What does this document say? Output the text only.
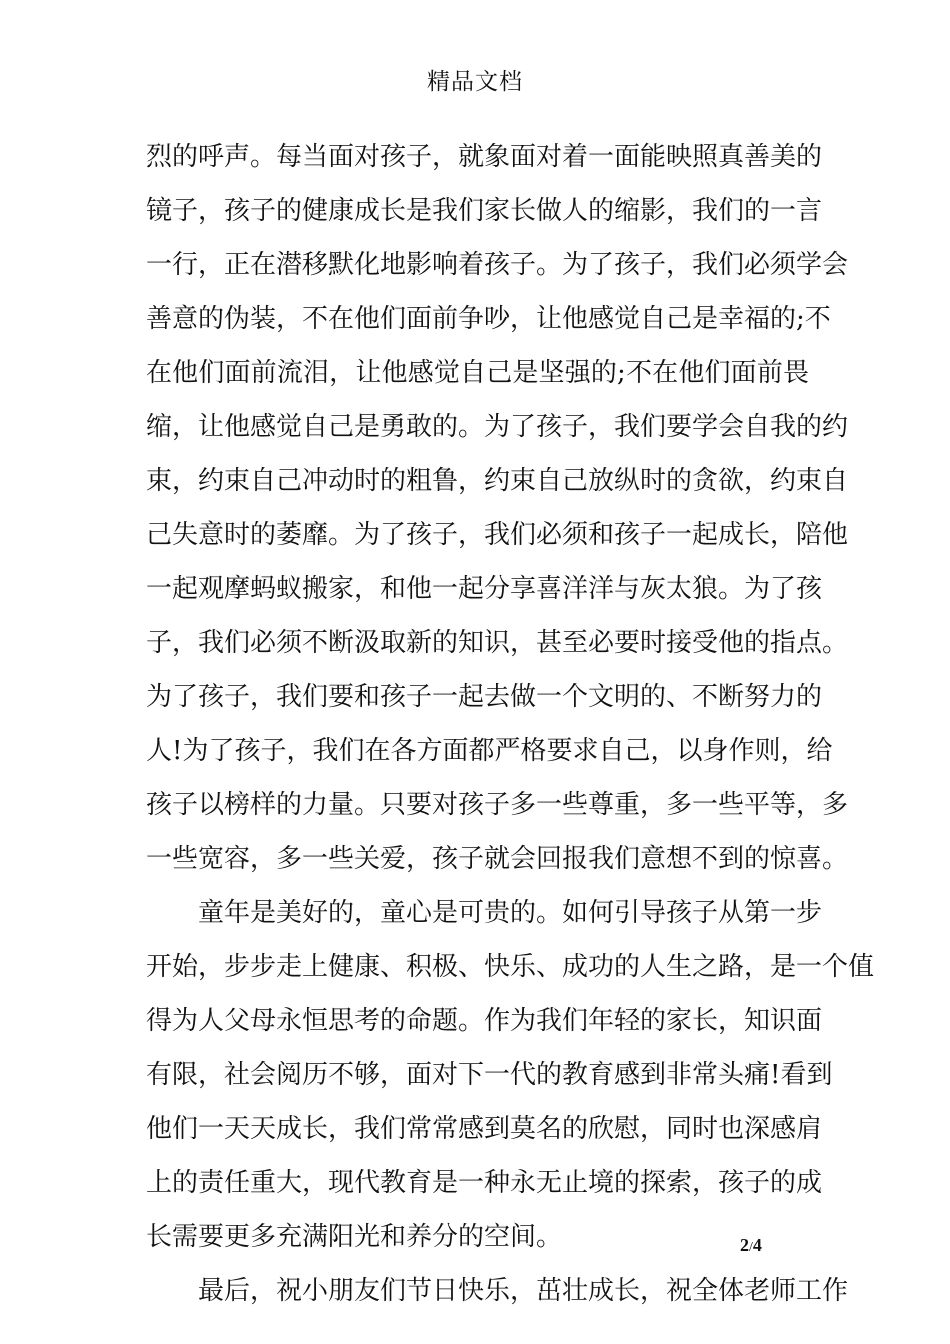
精品文档
烈的呼声。每当面对孩子，就象面对着一面能映照真善美的
镜子，孩子的健康成长是我们家长做人的缩影，我们的一言
一行，正在潜移默化地影响着孩子。为了孩子，我们必须学会
善意的伪装，不在他们面前争吵，让他感觉自己是幸福的;不
在他们面前流泪，让他感觉自己是坚强的;不在他们面前畏
缩，让他感觉自己是勇敢的。为了孩子，我们要学会自我的约
束，约束自己冲动时的粗鲁，约束自己放纵时的贪欲，约束自
己失意时的萎靡。为了孩子，我们必须和孩子一起成长，陪他
一起观摩蚂蚁搬家，和他一起分享喜洋洋与灰太狼。为了孩
子，我们必须不断汲取新的知识，甚至必要时接受他的指点。
为了孩子，我们要和孩子一起去做一个文明的、不断努力的
人!为了孩子，我们在各方面都严格要求自己，以身作则，给
孩子以榜样的力量。只要对孩子多一些尊重，多一些平等，多
一些宽容，多一些关爱，孩子就会回报我们意想不到的惊喜。
童年是美好的，童心是可贵的。如何引导孩子从第一步
开始，步步走上健康、积极、快乐、成功的人生之路，是一个值
得为人父母永恒思考的命题。作为我们年轻的家长，知识面
有限，社会阅历不够，面对下一代的教育感到非常头痛!看到
他们一天天成长，我们常常感到莫名的欣慰，同时也深感肩
上的责任重大，现代教育是一种永无止境的探索，孩子的成
长需要更多充满阳光和养分的空间。
最后，祝小朋友们节日快乐，茁壮成长，祝全体老师工作
2/4
